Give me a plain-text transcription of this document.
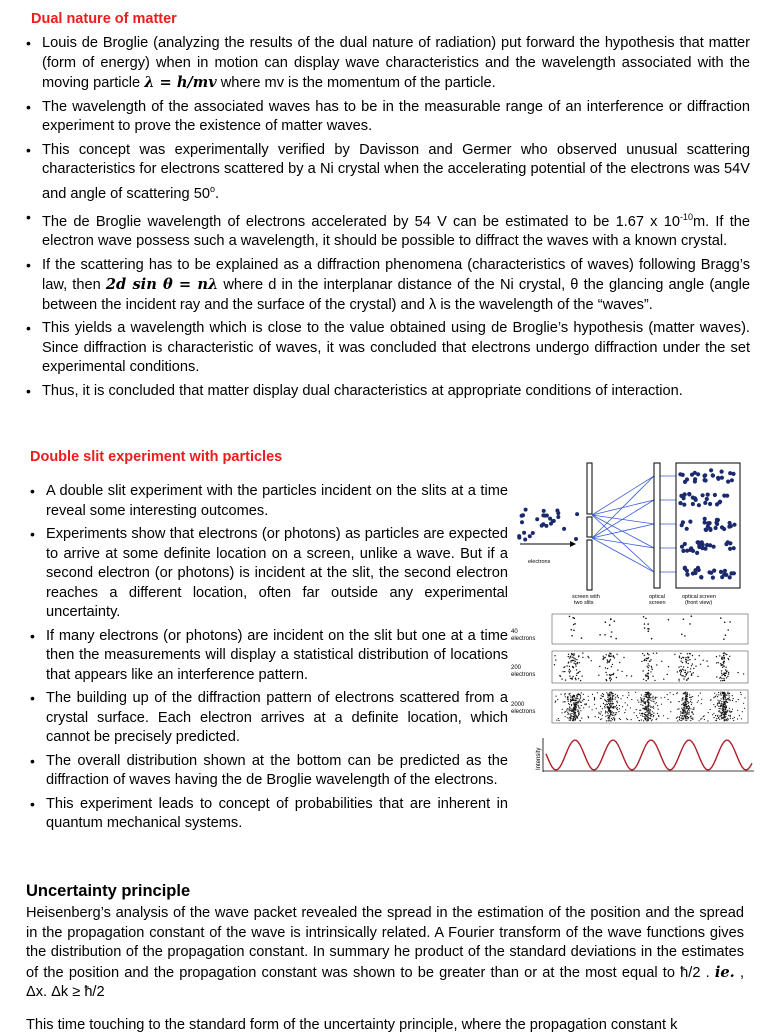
Dual nature of matter
• Louis de Broglie (analyzing the results of the dual nature of radiation) put forward the hypothesis that matter (form of energy) when in motion can display wave characteristics and the wavelength associated with the moving particle λ = h/mv where mv is the momentum of the particle.
• The wavelength of the associated waves has to be in the measurable range of an interference or diffraction experiment to prove the existence of matter waves.
• This concept was experimentally verified by Davisson and Germer who observed unusual scattering characteristics for electrons scattered by a Ni crystal when the accelerating potential of the electrons was 54V and angle of scattering 50$^o$.
• The de Broglie wavelength of electrons accelerated by 54 V can be estimated to be 1.67 x $10^{-10}m$. If the electron wave possess such a wavelength, it should be possible to diffract the waves with a known crystal.
• If the scattering has to be explained as a diffraction phenomena (characteristics of waves) following Bragg’s law, then 2d sin θ = nλ where d in the interplanar distance of the Ni crystal, θ the glancing angle (angle between the incident ray and the surface of the crystal) and λ is the wavelength of the “waves”.
• This yields a wavelength which is close to the value obtained using de Broglie’s hypothesis (matter waves). Since diffraction is characteristic of waves, it was concluded that electrons undergo diffraction under the set experimental conditions.
• Thus, it is concluded that matter display dual characteristics at appropriate conditions of interaction.
Double slit experiment with particles
• A double slit experiment with the particles incident on the slits at a time reveal some interesting outcomes.
• Experiments show that electrons (or photons) as particles are expected to arrive at some definite location on a screen, unlike a wave. But if a second electron (or photons) is incident at the slit, the second electron reaches a different location, often far outside any experimental uncertainty.
• If many electrons (or photons) are incident on the slit but one at a time then the measurements will display a statistical distribution of locations that appears like an interference pattern.
• The building up of the diffraction pattern of electrons scattered from a crystal surface. Each electron arrives at a definite location, which cannot be precisely predicted.
• The overall distribution shown at the bottom can be predicted as the diffraction of waves having the de Broglie wavelength of the electrons.
• This experiment leads to concept of probabilities that are inherent in quantum mechanical systems.
electrons
screen with
two slits
optical
screen
optical screen
(front view)
40
electrons
200
electrons
2000
electrons
Intensity
Uncertainty principle
Heisenberg’s analysis of the wave packet revealed the spread in the estimation of the position and the spread in the propagation constant of the wave is intrinsically related. A Fourier transform of the wave functions gives the distribution of the propagation constant. In summary he product of the standard deviations in the estimates of the position and the propagation constant was shown to be greater than or at the most equal to ħ/2 . ie. , Δx. Δk ≥ ħ/2
This time touching to the standard form of the uncertainty principle, where the propagation constant k
